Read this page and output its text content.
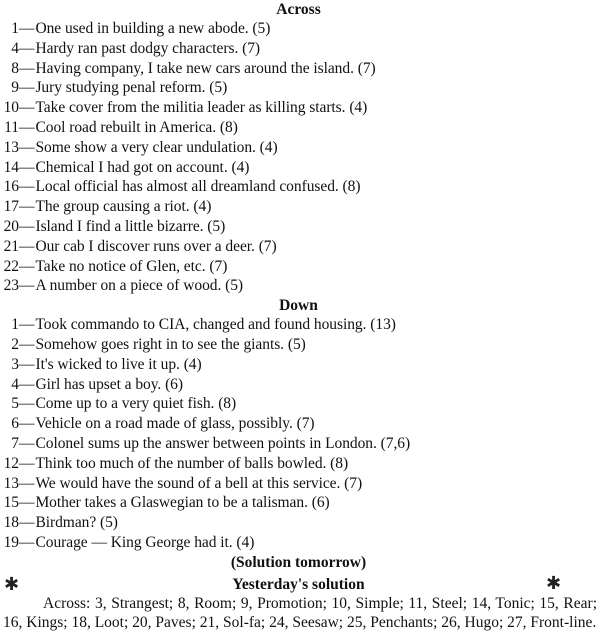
Across
1 — One used in building a new abode. (5)
4 — Hardy ran past dodgy characters. (7)
8 — Having company, I take new cars around the island. (7)
9 — Jury studying penal reform. (5)
10 — Take cover from the militia leader as killing starts. (4)
11 — Cool road rebuilt in America. (8)
13 — Some show a very clear undulation. (4)
14 — Chemical I had got on account. (4)
16 — Local official has almost all dreamland confused. (8)
17 — The group causing a riot. (4)
20 — Island I find a little bizarre. (5)
21 — Our cab I discover runs over a deer. (7)
22 — Take no notice of Glen, etc. (7)
23 — A number on a piece of wood. (5)
Down
1 — Took commando to CIA, changed and found housing. (13)
2 — Somehow goes right in to see the giants. (5)
3 — It's wicked to live it up. (4)
4 — Girl has upset a boy. (6)
5 — Come up to a very quiet fish. (8)
6 — Vehicle on a road made of glass, possibly. (7)
7 — Colonel sums up the answer between points in London. (7,6)
12 — Think too much of the number of balls bowled. (8)
13 — We would have the sound of a bell at this service. (7)
15 — Mother takes a Glaswegian to be a talisman. (6)
18 — Birdman? (5)
19 — Courage — King George had it. (4)
(Solution tomorrow)
Yesterday's solution
Across: 3, Strangest; 8, Room; 9, Promotion; 10, Simple; 11, Steel; 14, Tonic; 15, Rear; 16, Kings; 18, Loot; 20, Paves; 21, Sol-fa; 24, Seesaw; 25, Penchants; 26, Hugo; 27, Front-line.
✱	✱
